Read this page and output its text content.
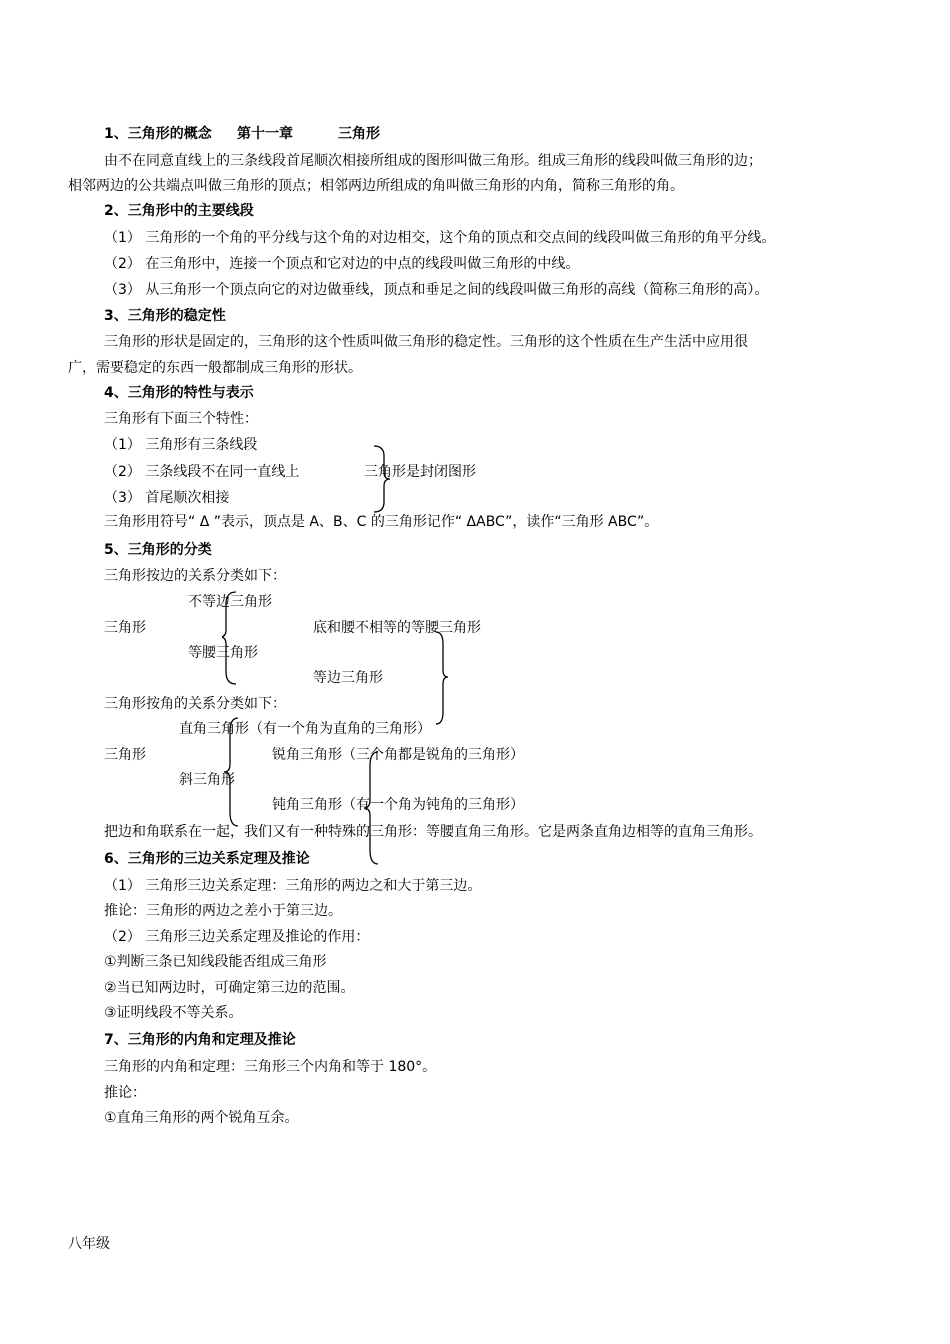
1、三角形的概念 第十一章	三角形
由不在同意直线上的三条线段首尾顺次相接所组成的图形叫做三角形。组成三角形的线段叫做三角形的边；
相邻两边的公共端点叫做三角形的顶点；相邻两边所组成的角叫做三角形的内角，简称三角形的角。
2、三角形中的主要线段
（1） 三角形的一个角的平分线与这个角的对边相交，这个角的顶点和交点间的线段叫做三角形的角平分线。
（2） 在三角形中，连接一个顶点和它对边的中点的线段叫做三角形的中线。
（3） 从三角形一个顶点向它的对边做垂线，顶点和垂足之间的线段叫做三角形的高线（简称三角形的高）。
3、三角形的稳定性
三角形的形状是固定的，三角形的这个性质叫做三角形的稳定性。三角形的这个性质在生产生活中应用很
广，需要稳定的东西一般都制成三角形的形状。
4、三角形的特性与表示
三角形有下面三个特性：
（1） 三角形有三条线段
（2） 三条线段不在同一直线上	三角形是封闭图形
（3） 首尾顺次相接
三角形用符号“ Δ ”表示，顶点是 A、B、C 的三角形记作“ ΔABC”，读作“三角形 ABC”。
5、三角形的分类
三角形按边的关系分类如下：
不等边三角形
三角形	底和腰不相等的等腰三角形
等腰三角形
等边三角形
三角形按角的关系分类如下：
直角三角形（有一个角为直角的三角形）
三角形	锐角三角形（三个角都是锐角的三角形）
斜三角形
钝角三角形（有一个角为钝角的三角形）
把边和角联系在一起，我们又有一种特殊的三角形：等腰直角三角形。它是两条直角边相等的直角三角形。
6、三角形的三边关系定理及推论
（1） 三角形三边关系定理：三角形的两边之和大于第三边。
推论：三角形的两边之差小于第三边。
（2） 三角形三边关系定理及推论的作用：
①判断三条已知线段能否组成三角形
②当已知两边时，可确定第三边的范围。
③证明线段不等关系。
7、三角形的内角和定理及推论
三角形的内角和定理：三角形三个内角和等于 180°。
推论：
①直角三角形的两个锐角互余。
八年级
